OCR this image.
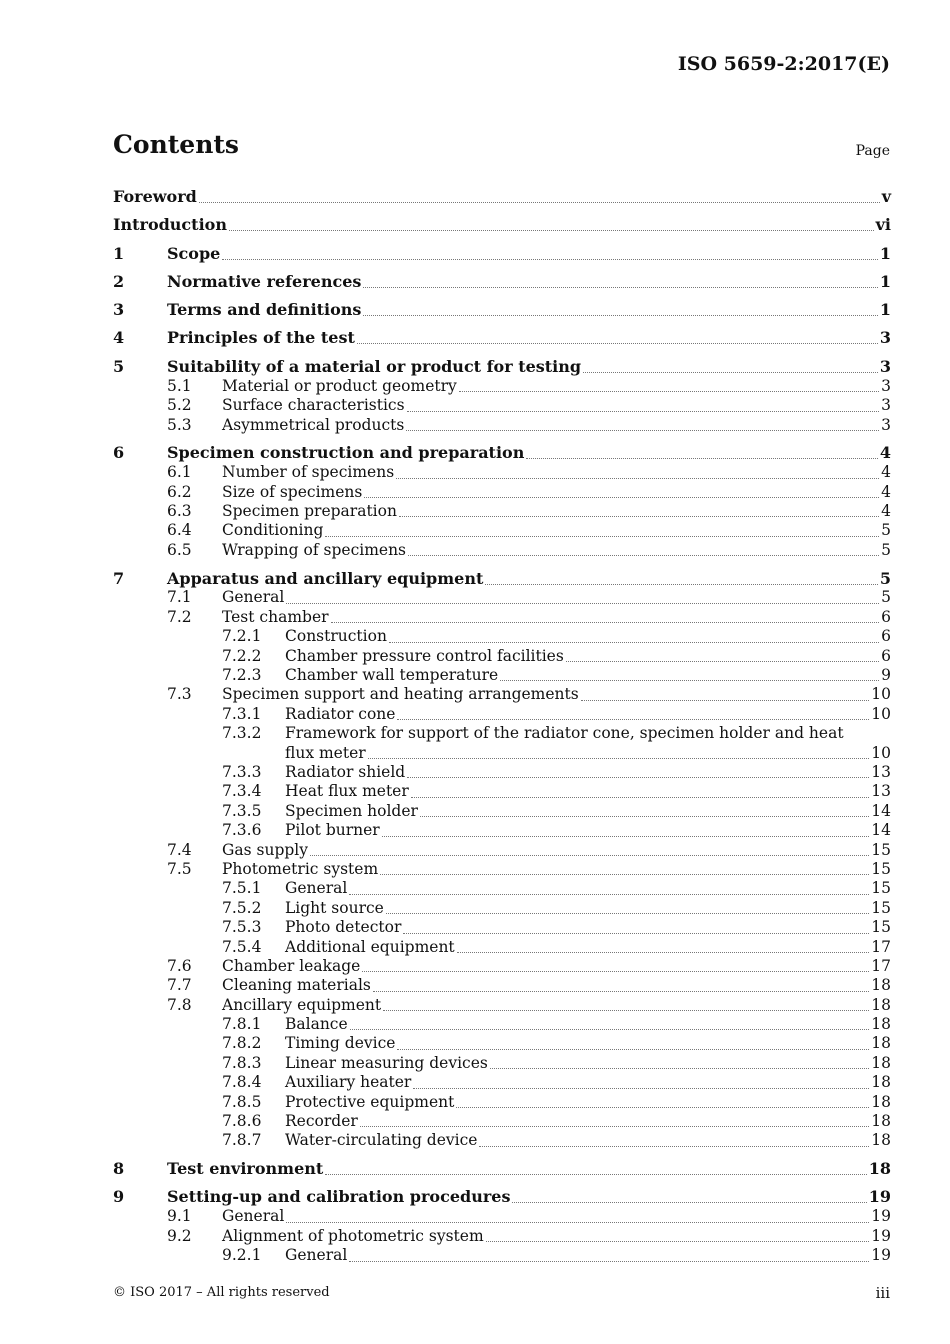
ISO 5659-2:2017(E)
Contents	Page
Foreword	v
Introduction	vi
1	Scope	1
2	Normative references	1
3	Terms and definitions	1
4	Principles of the test	3
5	Suitability of a material or product for testing	3
5.1	Material or product geometry	3
5.2	Surface characteristics	3
5.3	Asymmetrical products	3
6	Specimen construction and preparation	4
6.1	Number of specimens	4
6.2	Size of specimens	4
6.3	Specimen preparation	4
6.4	Conditioning	5
6.5	Wrapping of specimens	5
7	Apparatus and ancillary equipment	5
7.1	General	5
7.2	Test chamber	6
7.2.1	Construction	6
7.2.2	Chamber pressure control facilities	6
7.2.3	Chamber wall temperature	9
7.3	Specimen support and heating arrangements	10
7.3.1	Radiator cone	10
7.3.2	Framework for support of the radiator cone, specimen holder and heat
flux meter	10
7.3.3	Radiator shield	13
7.3.4	Heat flux meter	13
7.3.5	Specimen holder	14
7.3.6	Pilot burner	14
7.4	Gas supply	15
7.5	Photometric system	15
7.5.1	General	15
7.5.2	Light source	15
7.5.3	Photo detector	15
7.5.4	Additional equipment	17
7.6	Chamber leakage	17
7.7	Cleaning materials	18
7.8	Ancillary equipment	18
7.8.1	Balance	18
7.8.2	Timing device	18
7.8.3	Linear measuring devices	18
7.8.4	Auxiliary heater	18
7.8.5	Protective equipment	18
7.8.6	Recorder	18
7.8.7	Water-circulating device	18
8	Test environment	18
9	Setting-up and calibration procedures	19
9.1	General	19
9.2	Alignment of photometric system	19
9.2.1	General	19
© ISO 2017 – All rights reserved	iii
